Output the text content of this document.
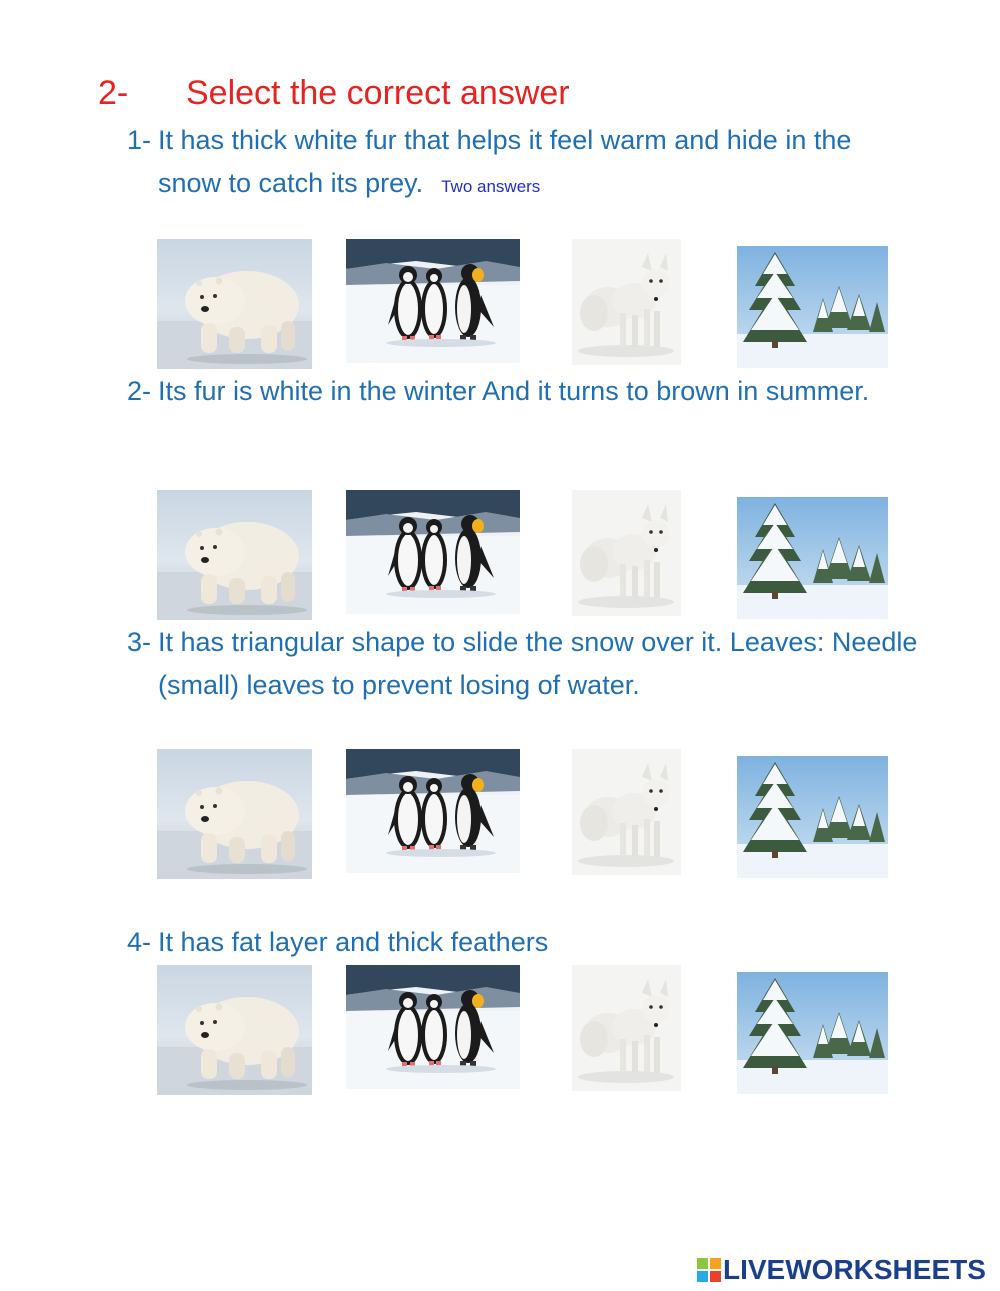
2- Select the correct answer
1- It has thick white fur that helps it feel warm and hide in the snow to catch its prey. Two answers
2- Its fur is white in the winter And it turns to brown in summer.
3- It has triangular shape to slide the snow over it. Leaves: Needle (small) leaves to prevent losing of water.
4- It has fat layer and thick feathers
LIVEWORKSHEETS
